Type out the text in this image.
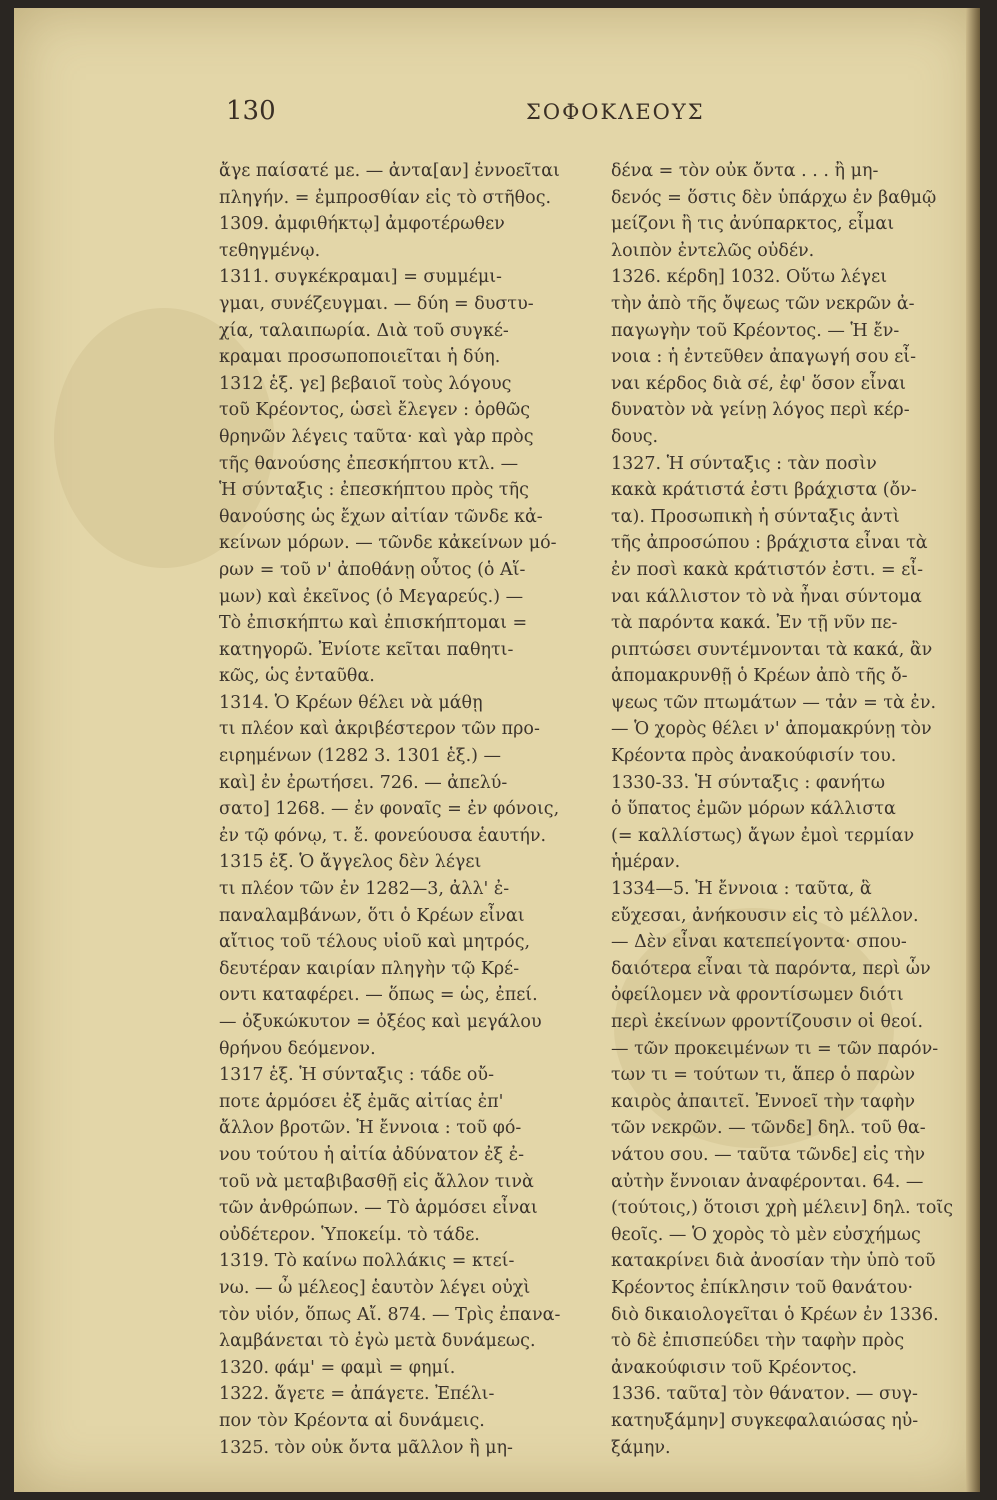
130	ΣΟΦΟΚΛΕΟΥΣ
ἄγε παίσατέ με. — ἀντα[αν] ἐννοεῖται
πληγήν. = ἐμπροσθίαν εἰς τὸ στῆθος.
1309. ἀμφιθήκτῳ] ἀμφοτέρωθεν
τεθηγμένῳ.
1311. συγκέκραμαι] = συμμέμι-
γμαι, συνέζευγμαι. — δύη = δυστυ-
χία, ταλαιπωρία. Διὰ τοῦ συγκέ-
κραμαι προσωποποιεῖται ἡ δύη.
1312 ἑξ. γε] βεβαιοῖ τοὺς λόγους
τοῦ Κρέοντος, ὡσεὶ ἔλεγεν : ὀρθῶς
θρηνῶν λέγεις ταῦτα· καὶ γὰρ πρὸς
τῆς θανούσης ἐπεσκήπτου κτλ. —
Ἡ σύνταξις : ἐπεσκήπτου πρὸς τῆς
θανούσης ὡς ἔχων αἰτίαν τῶνδε κἀ-
κείνων μόρων. — τῶνδε κἀκείνων μό-
ρων = τοῦ ν' ἀποθάνῃ οὗτος (ὁ Αἵ-
μων) καὶ ἐκεῖνος (ὁ Μεγαρεύς.) —
Τὸ ἐπισκήπτω καὶ ἐπισκήπτομαι =
κατηγορῶ. Ἐνίοτε κεῖται παθητι-
κῶς, ὡς ἐνταῦθα.
1314. Ὁ Κρέων θέλει νὰ μάθῃ
τι πλέον καὶ ἀκριβέστερον τῶν προ-
ειρημένων (1282 3. 1301 ἑξ.) —
καὶ] ἐν ἐρωτήσει. 726. — ἀπελύ-
σατο] 1268. — ἐν φοναῖς = ἐν φόνοις,
ἐν τῷ φόνῳ, τ. ἔ. φονεύουσα ἑαυτήν.
1315 ἑξ. Ὁ ἄγγελος δὲν λέγει
τι πλέον τῶν ἐν 1282—3, ἀλλ' ἐ-
παναλαμβάνων, ὅτι ὁ Κρέων εἶναι
αἴτιος τοῦ τέλους υἱοῦ καὶ μητρός,
δευτέραν καιρίαν πληγὴν τῷ Κρέ-
οντι καταφέρει. — ὅπως = ὡς, ἐπεί.
— ὀξυκώκυτον = ὀξέος καὶ μεγάλου
θρήνου δεόμενον.
1317 ἑξ. Ἡ σύνταξις : τάδε οὔ-
ποτε ἁρμόσει ἐξ ἐμᾶς αἰτίας ἐπ'
ἄλλον βροτῶν. Ἡ ἔννοια : τοῦ φό-
νου τούτου ἡ αἰτία ἀδύνατον ἐξ ἐ-
τοῦ νὰ μεταβιβασθῇ εἰς ἄλλον τινὰ
τῶν ἀνθρώπων. — Τὸ ἁρμόσει εἶναι
οὐδέτερον. Ὑποκείμ. τὸ τάδε.
1319. Τὸ καίνω πολλάκις = κτεί-
νω. — ὦ μέλεος] ἑαυτὸν λέγει οὐχὶ
τὸν υἱόν, ὅπως Αἴ. 874. — Τρὶς ἐπανα-
λαμβάνεται τὸ ἐγὼ μετὰ δυνάμεως.
1320. φάμ' = φαμὶ = φημί.
1322. ἄγετε = ἀπάγετε. Ἐπέλι-
πον τὸν Κρέοντα αἱ δυνάμεις.
1325. τὸν οὐκ ὄντα μᾶλλον ἢ μη-
δένα = τὸν οὐκ ὄντα . . . ἢ μη-
δενός = ὅστις δὲν ὑπάρχω ἐν βαθμῷ
μείζονι ἢ τις ἀνύπαρκτος, εἶμαι
λοιπὸν ἐντελῶς οὐδέν.
1326. κέρδη] 1032. Οὕτω λέγει
τὴν ἀπὸ τῆς ὄψεως τῶν νεκρῶν ἀ-
παγωγὴν τοῦ Κρέοντος. — Ἡ ἔν-
νοια : ἡ ἐντεῦθεν ἀπαγωγή σου εἶ-
ναι κέρδος διὰ σέ, ἐφ' ὅσον εἶναι
δυνατὸν νὰ γείνῃ λόγος περὶ κέρ-
δους.
1327. Ἡ σύνταξις : τὰν ποσὶν
κακὰ κράτιστά ἐστι βράχιστα (ὄν-
τα). Προσωπικὴ ἡ σύνταξις ἀντὶ
τῆς ἀπροσώπου : βράχιστα εἶναι τὰ
ἐν ποσὶ κακὰ κράτιστόν ἐστι. = εἶ-
ναι κάλλιστον τὸ νὰ ἦναι σύντομα
τὰ παρόντα κακά. Ἐν τῇ νῦν πε-
ριπτώσει συντέμνονται τὰ κακά, ἂν
ἀπομακρυνθῇ ὁ Κρέων ἀπὸ τῆς ὄ-
ψεως τῶν πτωμάτων — τἀν = τὰ ἐν.
— Ὁ χορὸς θέλει ν' ἀπομακρύνῃ τὸν
Κρέοντα πρὸς ἀνακούφισίν του.
1330-33. Ἡ σύνταξις : φανήτω
ὁ ὕπατος ἐμῶν μόρων κάλλιστα
(= καλλίστως) ἄγων ἐμοὶ τερμίαν
ἡμέραν.
1334—5. Ἡ ἔννοια : ταῦτα, ἃ
εὔχεσαι, ἀνήκουσιν εἰς τὸ μέλλον.
— Δὲν εἶναι κατεπείγοντα· σπου-
δαιότερα εἶναι τὰ παρόντα, περὶ ὧν
ὀφείλομεν νὰ φροντίσωμεν διότι
περὶ ἐκείνων φροντίζουσιν οἱ θεοί.
— τῶν προκειμένων τι = τῶν παρόν-
των τι = τούτων τι, ἅπερ ὁ παρὼν
καιρὸς ἀπαιτεῖ. Ἐννοεῖ τὴν ταφὴν
τῶν νεκρῶν. — τῶνδε] δηλ. τοῦ θα-
νάτου σου. — ταῦτα τῶνδε] εἰς τὴν
αὐτὴν ἔννοιαν ἀναφέρονται. 64. —
(τούτοις,) ὅτοισι χρὴ μέλειν] δηλ. τοῖς
θεοῖς. — Ὁ χορὸς τὸ μὲν εὐσχήμως
κατακρίνει διὰ ἀνοσίαν τὴν ὑπὸ τοῦ
Κρέοντος ἐπίκλησιν τοῦ θανάτου·
διὸ δικαιολογεῖται ὁ Κρέων ἐν 1336.
τὸ δὲ ἐπισπεύδει τὴν ταφὴν πρὸς
ἀνακούφισιν τοῦ Κρέοντος.
1336. ταῦτα] τὸν θάνατον. — συγ-
κατηυξάμην] συγκεφαλαιώσας ηὐ-
ξάμην.
